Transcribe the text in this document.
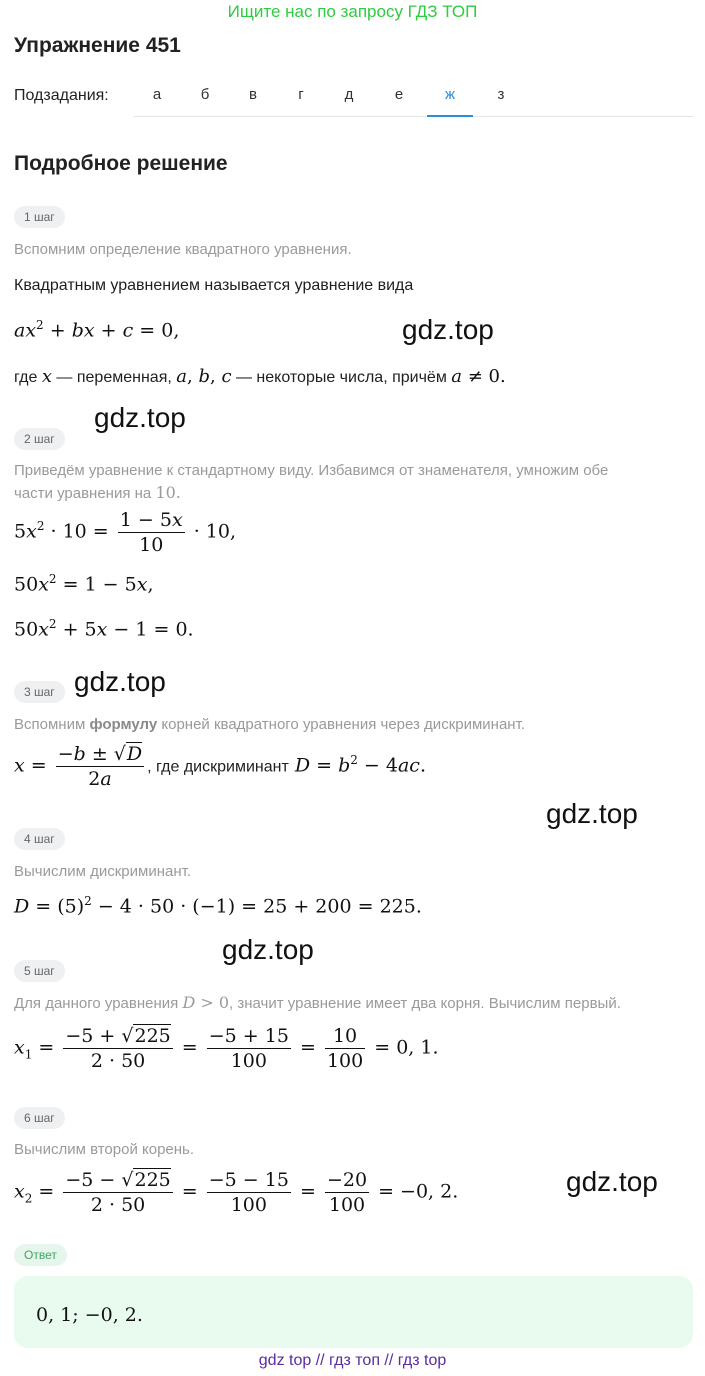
Ищите нас по запросу ГДЗ ТОП
Упражнение 451
Подзадания:	а	б	в	г	д	е	ж	з
Подробное решение
1 шаг
Вспомним определение квадратного уравнения.
Квадратным уравнением называется уравнение вида
$ax^2$ + bx + c = 0,	gdz.top
где x — переменная, a, b, c — некоторые числа, причём a ≠ 0.
gdz.top
2 шаг
Приведём уравнение к стандартному виду. Избавимся от знаменателя, умножим обе
части уравнения на 10.
$5x^2 \cdot 10 = \frac{1 - 5x}{10} \cdot 10$,
$50x^2 = 1 - 5x$,
$50x^2 + 5x - 1 = 0$.
gdz.top
3 шаг
Вспомним формулу корней квадратного уравнения через дискриминант.
$x = \frac{-b \pm √D}{2a}$ , где дискриминант $D = b^2 - 4ac$.
gdz.top
4 шаг
Вычислим дискриминант.
$D = (5)^2 - 4 \cdot 50 \cdot (-1) = 25 + 200 = 225$.
gdz.top
5 шаг
Для данного уравнения D > 0, значит уравнение имеет два корня. Вычислим первый.
$x_1 = \frac{-5 + √225}{2 \cdot 50} = \frac{-5 + 15}{100} = \frac{10}{100} = 0$, 1.
6 шаг
Вычислим второй корень.
$x_2 = \frac{-5 - √225}{2 \cdot 50} = \frac{-5 - 15}{100} = \frac{-20}{100} = -0$, 2.	gdz.top
Ответ
0, 1; −0, 2.
gdz top // гдз топ // гдз top
